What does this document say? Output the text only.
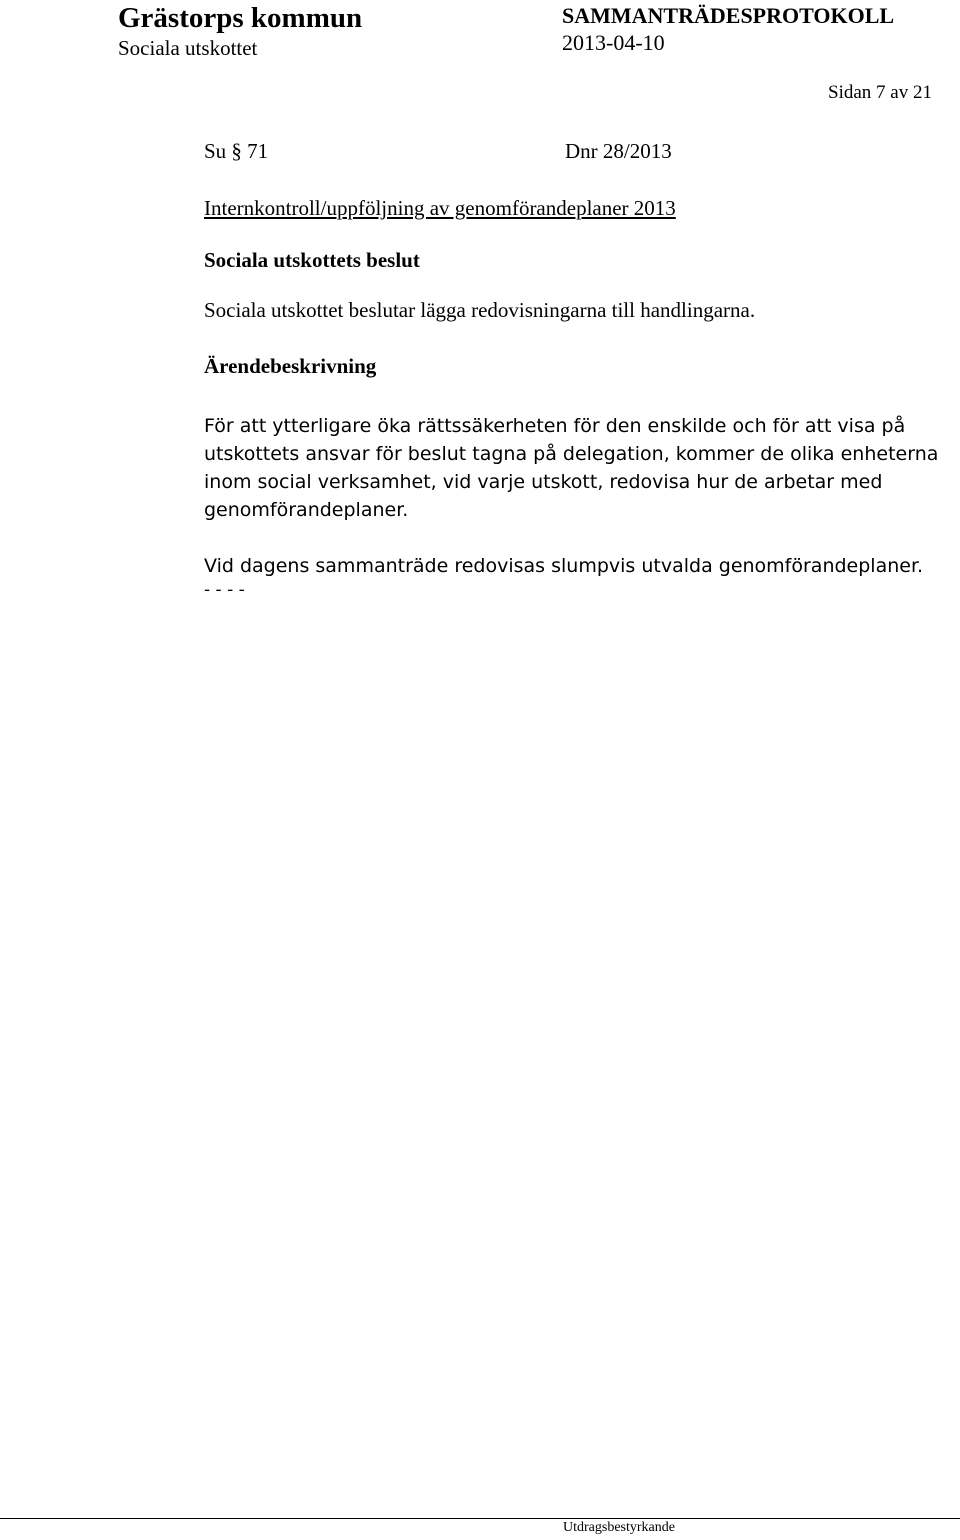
Grästorps kommun
Sociala utskottet
SAMMANTRÄDESPROTOKOLL
2013-04-10
Sidan 7 av 21
Su § 71	Dnr 28/2013
Internkontroll/uppföljning av genomförandeplaner 2013
Sociala utskottets beslut
Sociala utskottet beslutar lägga redovisningarna till handlingarna.
Ärendebeskrivning
För att ytterligare öka rättssäkerheten för den enskilde och för att visa på
utskottets ansvar för beslut tagna på delegation, kommer de olika enheterna
inom social verksamhet, vid varje utskott, redovisa hur de arbetar med
genomförandeplaner.
Vid dagens sammanträde redovisas slumpvis utvalda genomförandeplaner.
- - - -
Utdragsbestyrkande
